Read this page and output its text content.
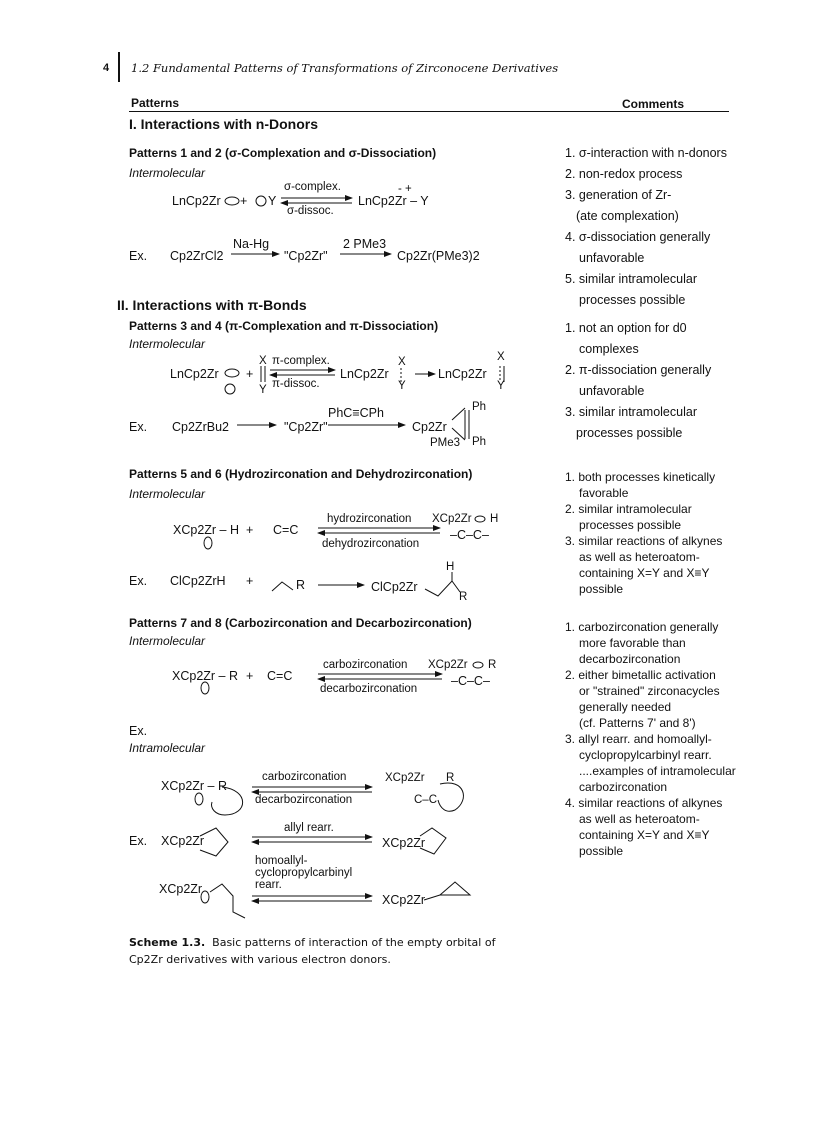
4 1.2 Fundamental Patterns of Transformations of Zirconocene Derivatives
Patterns	Comments
I. Interactions with n-Donors
Patterns 1 and 2 (σ-Complexation and σ-Dissociation)
Intermolecular
LnCp2Zr + Y
σ-complex.
σ-dissoc.
- +
LnCp2Zr – Y
Ex. Cp2ZrCl2
Na-Hg
"Cp2Zr"
2 PMe3
Cp2Zr(PMe3)2
1. σ-interaction with n-donors
2. non-redox process
3. generation of Zr-
(ate complexation)
4. σ-dissociation generally
unfavorable
5. similar intramolecular
processes possible
II. Interactions with π-Bonds
Patterns 3 and 4 (π-Complexation and π-Dissociation)
Intermolecular
LnCp2Zr +
X
Y
π-complex.
π-dissoc.
LnCp2Zr
X
Y
LnCp2Zr
X
Y
Ex. Cp2ZrBu2	"Cp2Zr"
PhC≡CPh
Cp2Zr
Ph
Ph
PMe3
1. not an option for d0
complexes
2. π-dissociation generally
unfavorable
3. similar intramolecular
processes possible
Patterns 5 and 6 (Hydrozirconation and Dehydrozirconation)
Intermolecular
XCp2Zr – H + C=C
hydrozirconation
dehydrozirconation
XCp2Zr H
–C–C–
Ex. ClCp2ZrH +	R	ClCp2Zr
H
R
1. both processes kinetically
favorable
2. similar intramolecular
processes possible
3. similar reactions of alkynes
as well as heteroatom-
containing X=Y and X≡Y
possible
Patterns 7 and 8 (Carbozirconation and Decarbozirconation)
Intermolecular
XCp2Zr – R + C=C
carbozirconation
decarbozirconation
XCp2Zr R
–C–C–
Ex.
Intramolecular
XCp2Zr – R
carbozirconation
decarbozirconation
XCp2Zr R
C–C
Ex. XCp2Zr
allyl rearr.
XCp2Zr
homoallyl-
cyclopropylcarbinyl
rearr.
XCp2Zr
XCp2Zr
1. carbozirconation generally
more favorable than
decarbozirconation
2. either bimetallic activation
or "strained" zirconacycles
generally needed
(cf. Patterns 7' and 8')
3. allyl rearr. and homoallyl-
cyclopropylcarbinyl rearr.
....examples of intramolecular
carbozirconation
4. similar reactions of alkynes
as well as heteroatom-
containing X=Y and X≡Y
possible
Scheme 1.3. Basic patterns of interaction of the empty orbital of
Cp2Zr derivatives with various electron donors.
